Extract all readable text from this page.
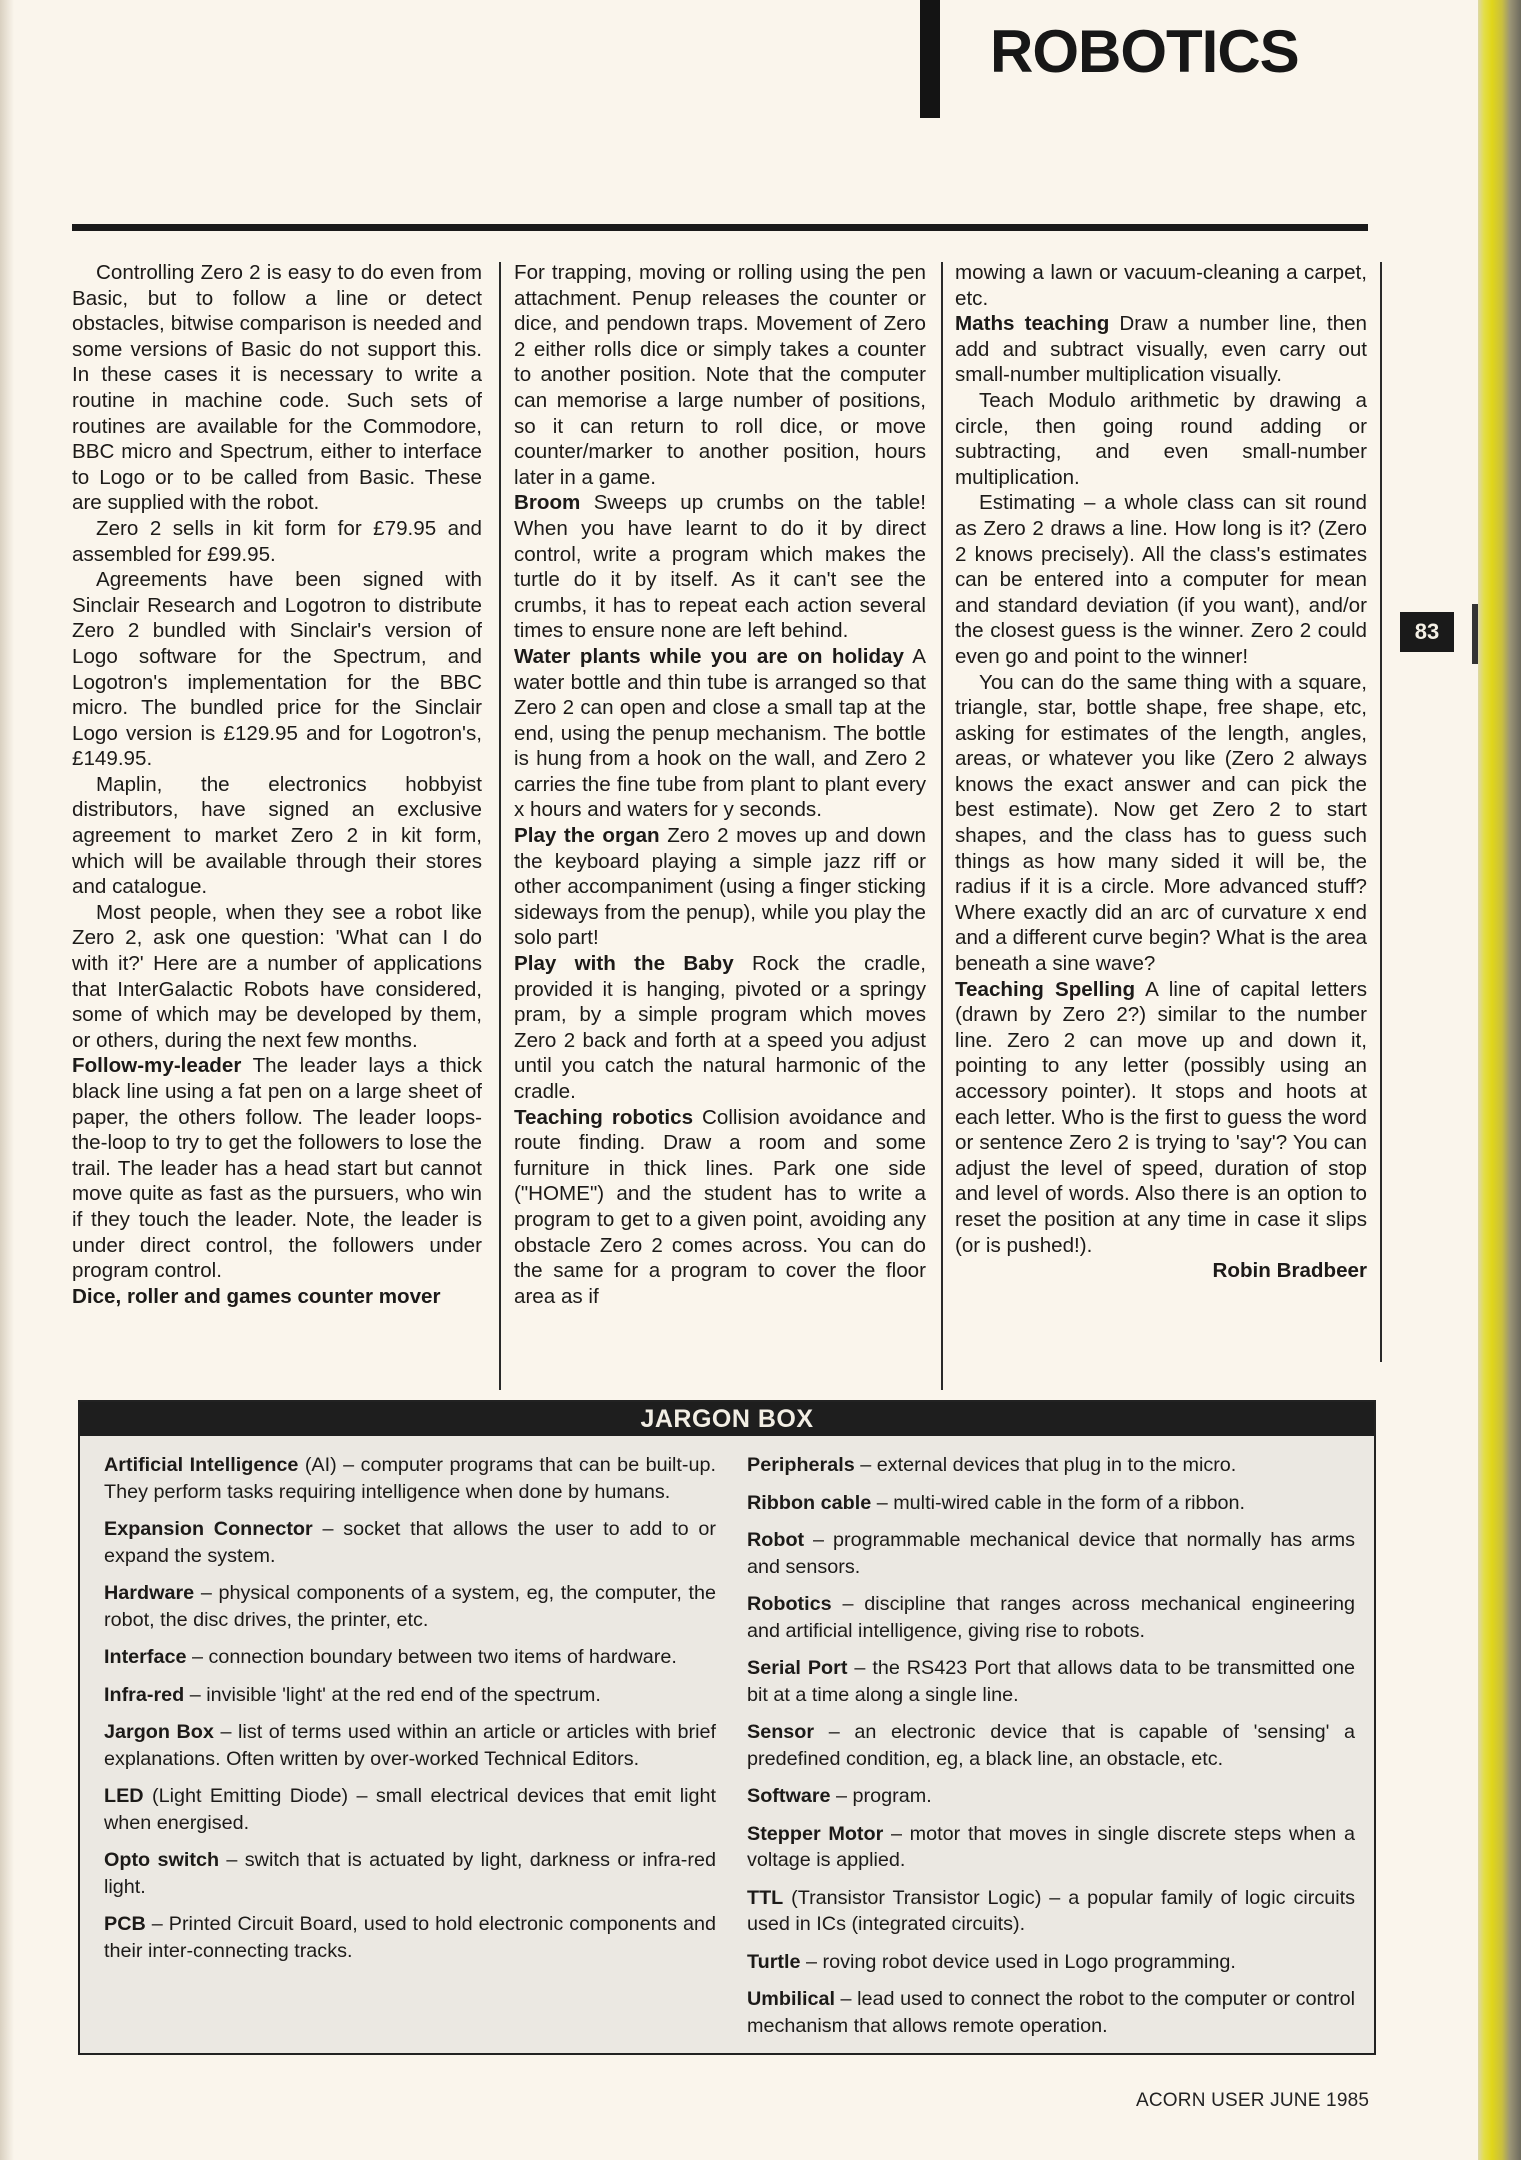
ROBOTICS

Controlling Zero 2 is easy to do even from Basic, but to follow a line or detect obstacles, bitwise comparison is needed and some versions of Basic do not support this. In these cases it is necessary to write a routine in machine code. Such sets of routines are available for the Commodore, BBC micro and Spectrum, either to interface to Logo or to be called from Basic. These are supplied with the robot.

Zero 2 sells in kit form for £79.95 and assembled for £99.95.

Agreements have been signed with Sinclair Research and Logotron to distribute Zero 2 bundled with Sinclair's version of Logo software for the Spectrum, and Logotron's implementation for the BBC micro. The bundled price for the Sinclair Logo version is £129.95 and for Logotron's, £149.95.

Maplin, the electronics hobbyist distributors, have signed an exclusive agreement to market Zero 2 in kit form, which will be available through their stores and catalogue.

Most people, when they see a robot like Zero 2, ask one question: 'What can I do with it?' Here are a number of applications that InterGalactic Robots have considered, some of which may be developed by them, or others, during the next few months.

Follow-my-leader The leader lays a thick black line using a fat pen on a large sheet of paper, the others follow. The leader loops-the-loop to try to get the followers to lose the trail. The leader has a head start but cannot move quite as fast as the pursuers, who win if they touch the leader. Note, the leader is under direct control, the followers under program control.

Dice, roller and games counter mover

For trapping, moving or rolling using the pen attachment. Penup releases the counter or dice, and pendown traps. Movement of Zero 2 either rolls dice or simply takes a counter to another position. Note that the computer can memorise a large number of positions, so it can return to roll dice, or move counter/marker to another position, hours later in a game.

Broom Sweeps up crumbs on the table! When you have learnt to do it by direct control, write a program which makes the turtle do it by itself. As it can't see the crumbs, it has to repeat each action several times to ensure none are left behind.

Water plants while you are on holiday A water bottle and thin tube is arranged so that Zero 2 can open and close a small tap at the end, using the penup mechanism. The bottle is hung from a hook on the wall, and Zero 2 carries the fine tube from plant to plant every x hours and waters for y seconds.

Play the organ Zero 2 moves up and down the keyboard playing a simple jazz riff or other accompaniment (using a finger sticking sideways from the penup), while you play the solo part!

Play with the Baby Rock the cradle, provided it is hanging, pivoted or a springy pram, by a simple program which moves Zero 2 back and forth at a speed you adjust until you catch the natural harmonic of the cradle.

Teaching robotics Collision avoidance and route finding. Draw a room and some furniture in thick lines. Park one side ("HOME") and the student has to write a program to get to a given point, avoiding any obstacle Zero 2 comes across. You can do the same for a program to cover the floor area as if

mowing a lawn or vacuum-cleaning a carpet, etc.

Maths teaching Draw a number line, then add and subtract visually, even carry out small-number multiplication visually.

Teach Modulo arithmetic by drawing a circle, then going round adding or subtracting, and even small-number multiplication.

Estimating – a whole class can sit round as Zero 2 draws a line. How long is it? (Zero 2 knows precisely). All the class's estimates can be entered into a computer for mean and standard deviation (if you want), and/or the closest guess is the winner. Zero 2 could even go and point to the winner!

You can do the same thing with a square, triangle, star, bottle shape, free shape, etc, asking for estimates of the length, angles, areas, or whatever you like (Zero 2 always knows the exact answer and can pick the best estimate). Now get Zero 2 to start shapes, and the class has to guess such things as how many sided it will be, the radius if it is a circle. More advanced stuff? Where exactly did an arc of curvature x end and a different curve begin? What is the area beneath a sine wave?

Teaching Spelling A line of capital letters (drawn by Zero 2?) similar to the number line. Zero 2 can move up and down it, pointing to any letter (possibly using an accessory pointer). It stops and hoots at each letter. Who is the first to guess the word or sentence Zero 2 is trying to 'say'? You can adjust the level of speed, duration of stop and level of words. Also there is an option to reset the position at any time in case it slips (or is pushed!).

Robin Bradbeer

83
JARGON BOX

Artificial Intelligence (AI) – computer programs that can be built-up. They perform tasks requiring intelligence when done by humans.

Expansion Connector – socket that allows the user to add to or expand the system.

Hardware – physical components of a system, eg, the computer, the robot, the disc drives, the printer, etc.

Interface – connection boundary between two items of hardware.

Infra-red – invisible 'light' at the red end of the spectrum.

Jargon Box – list of terms used within an article or articles with brief explanations. Often written by over-worked Technical Editors.

LED (Light Emitting Diode) – small electrical devices that emit light when energised.

Opto switch – switch that is actuated by light, darkness or infra-red light.

PCB – Printed Circuit Board, used to hold electronic components and their inter-connecting tracks.

Peripherals – external devices that plug in to the micro.

Ribbon cable – multi-wired cable in the form of a ribbon.

Robot – programmable mechanical device that normally has arms and sensors.

Robotics – discipline that ranges across mechanical engineering and artificial intelligence, giving rise to robots.

Serial Port – the RS423 Port that allows data to be transmitted one bit at a time along a single line.

Sensor – an electronic device that is capable of 'sensing' a predefined condition, eg, a black line, an obstacle, etc.

Software – program.

Stepper Motor – motor that moves in single discrete steps when a voltage is applied.

TTL (Transistor Transistor Logic) – a popular family of logic circuits used in ICs (integrated circuits).

Turtle – roving robot device used in Logo programming.

Umbilical – lead used to connect the robot to the computer or control mechanism that allows remote operation.

ACORN USER JUNE 1985
